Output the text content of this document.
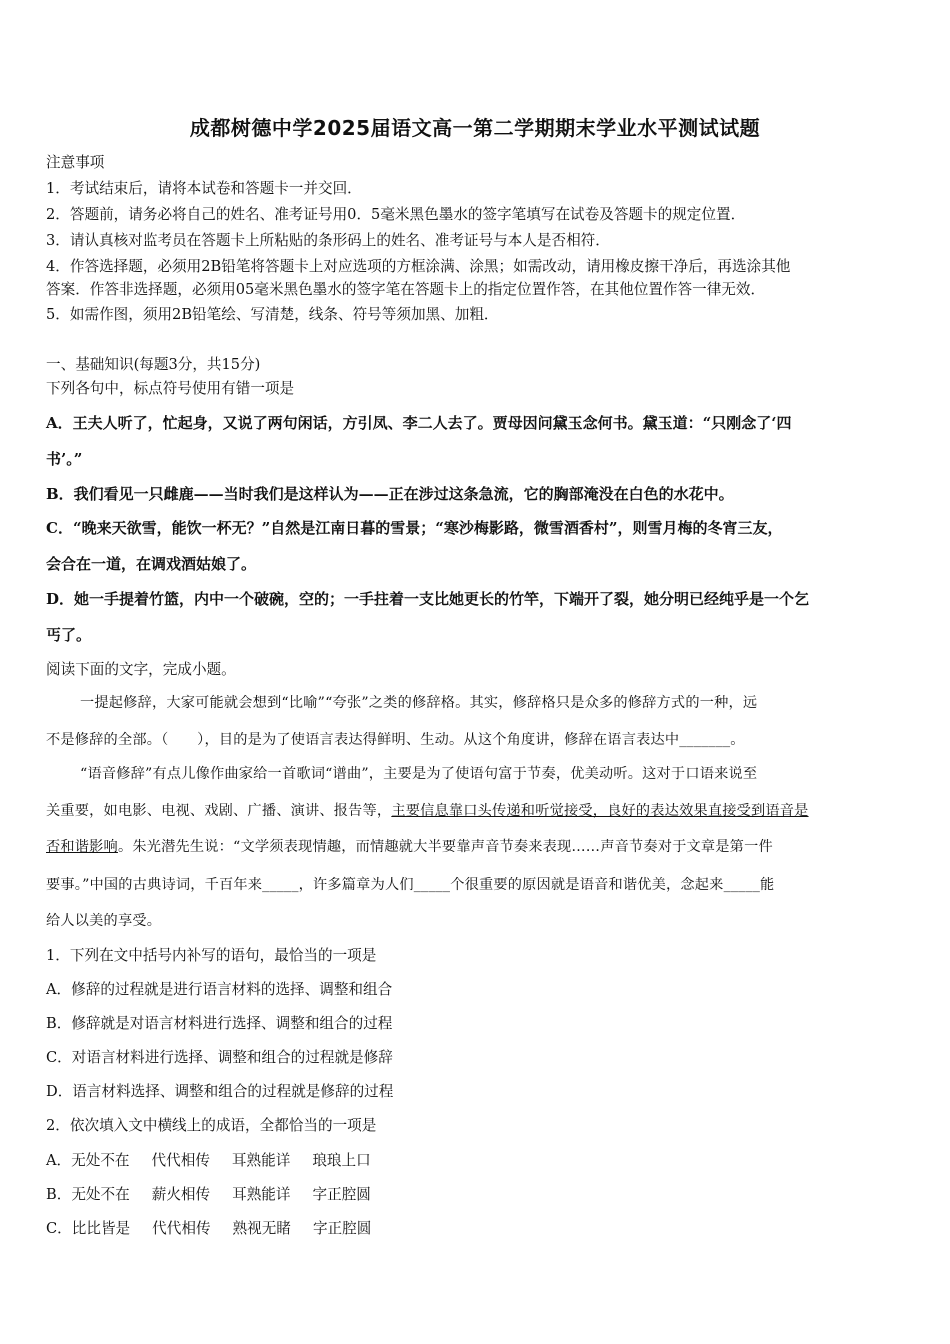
成都树德中学2025届语文高一第二学期期末学业水平测试试题
注意事项
1．考试结束后，请将本试卷和答题卡一并交回．
2．答题前，请务必将自己的姓名、准考证号用0．5毫米黑色墨水的签字笔填写在试卷及答题卡的规定位置．
3．请认真核对监考员在答题卡上所粘贴的条形码上的姓名、准考证号与本人是否相符．
4．作答选择题，必须用2B铅笔将答题卡上对应选项的方框涂满、涂黑；如需改动，请用橡皮擦干净后，再选涂其他
答案．作答非选择题，必须用05毫米黑色墨水的签字笔在答题卡上的指定位置作答，在其他位置作答一律无效．
5．如需作图，须用2B铅笔绘、写清楚，线条、符号等须加黑、加粗．
一、基础知识(每题3分，共15分)
下列各句中，标点符号使用有错一项是
A．王夫人听了，忙起身，又说了两句闲话，方引凤、李二人去了。贾母因问黛玉念何书。黛玉道：“只刚念了‘四
书’。”
B．我们看见一只雌鹿——当时我们是这样认为——正在涉过这条急流，它的胸部淹没在白色的水花中。
C．“晚来天欲雪，能饮一杯无？”自然是江南日暮的雪景；“寒沙梅影路，微雪酒香村”，则雪月梅的冬宵三友，
会合在一道，在调戏酒姑娘了。
D．她一手提着竹篮，内中一个破碗，空的；一手拄着一支比她更长的竹竿，下端开了裂，她分明已经纯乎是一个乞
丐了。
阅读下面的文字，完成小题。
一提起修辞，大家可能就会想到“比喻”“夸张”之类的修辞格。其实，修辞格只是众多的修辞方式的一种，远
不是修辞的全部。（　　），目的是为了使语言表达得鲜明、生动。从这个角度讲，修辞在语言表达中_______。
“语音修辞”有点儿像作曲家给一首歌词“谱曲”，主要是为了使语句富于节奏，优美动听。这对于口语来说至
关重要，如电影、电视、戏剧、广播、演讲、报告等，主要信息靠口头传递和听觉接受，良好的表达效果直接受到语音是
否和谐影响。朱光潜先生说：“文学须表现情趣，而情趣就大半要靠声音节奏来表现……声音节奏对于文章是第一件
要事。”中国的古典诗词，千百年来_____，许多篇章为人们_____个很重要的原因就是语音和谐优美，念起来_____能
给人以美的享受。
1．下列在文中括号内补写的语句，最恰当的一项是
A．修辞的过程就是进行语言材料的选择、调整和组合
B．修辞就是对语言材料进行选择、调整和组合的过程
C．对语言材料进行选择、调整和组合的过程就是修辞
D．语言材料选择、调整和组合的过程就是修辞的过程
2．依次填入文中横线上的成语，全都恰当的一项是
A．无处不在 代代相传 耳熟能详 琅琅上口
B．无处不在 薪火相传 耳熟能详 字正腔圆
C．比比皆是 代代相传 熟视无睹 字正腔圆
